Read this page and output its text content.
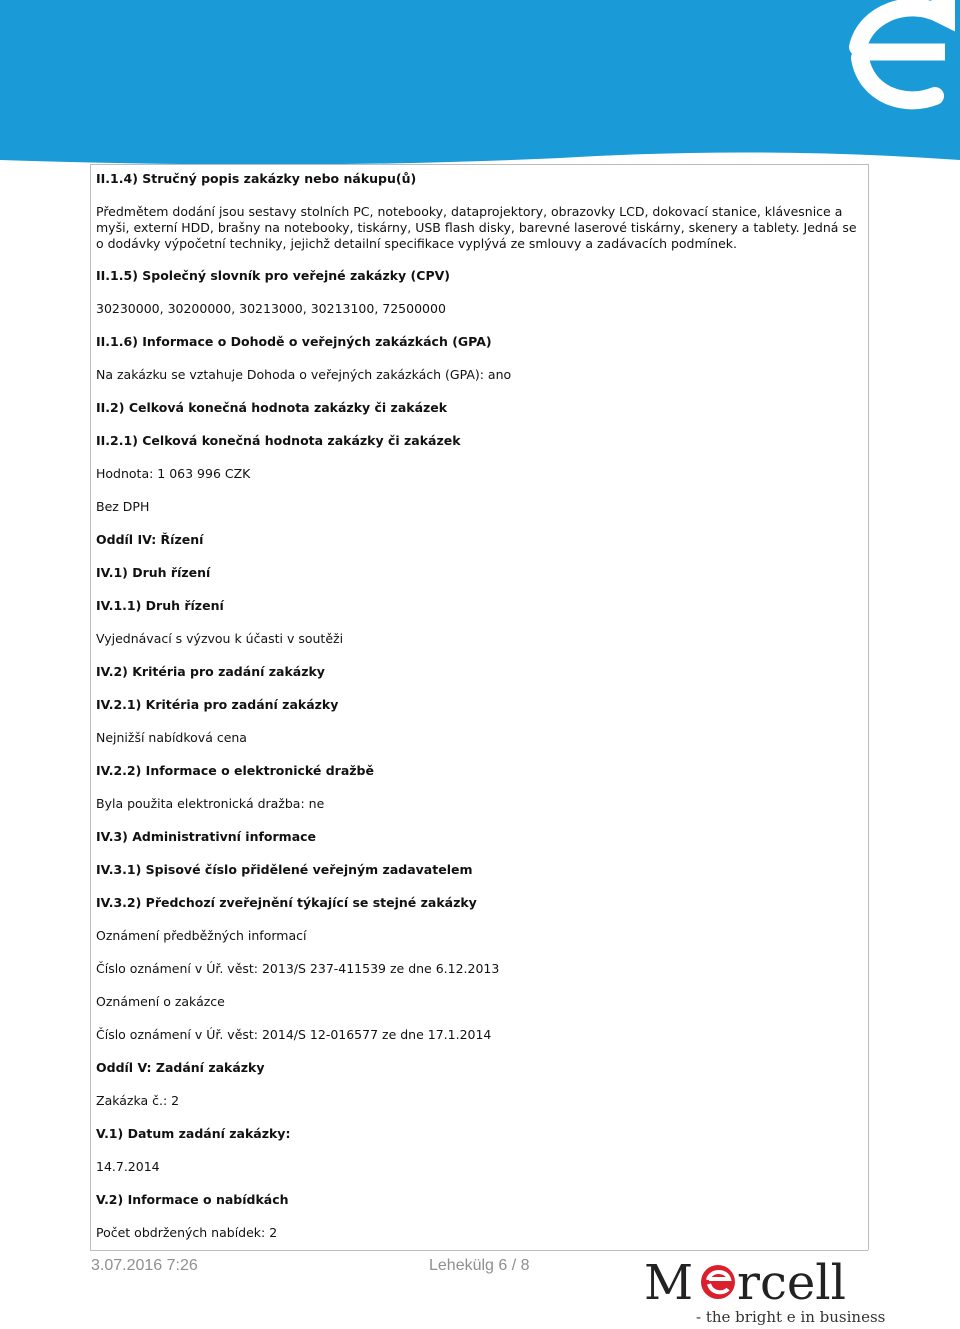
II.1.4) Stručný popis zakázky nebo nákupu(ů)
Předmětem dodání jsou sestavy stolních PC, notebooky, dataprojektory, obrazovky LCD, dokovací stanice, klávesnice a myši, externí HDD, brašny na notebooky, tiskárny, USB flash disky, barevné laserové tiskárny, skenery a tablety. Jedná se o dodávky výpočetní techniky, jejichž detailní specifikace vyplývá ze smlouvy a zadávacích podmínek.
II.1.5) Společný slovník pro veřejné zakázky (CPV)
30230000, 30200000, 30213000, 30213100, 72500000
II.1.6) Informace o Dohodě o veřejných zakázkách (GPA)
Na zakázku se vztahuje Dohoda o veřejných zakázkách (GPA): ano
II.2) Celková konečná hodnota zakázky či zakázek
II.2.1) Celková konečná hodnota zakázky či zakázek
Hodnota: 1 063 996 CZK
Bez DPH
Oddíl IV: Řízení
IV.1) Druh řízení
IV.1.1) Druh řízení
Vyjednávací s výzvou k účasti v soutěži
IV.2) Kritéria pro zadání zakázky
IV.2.1) Kritéria pro zadání zakázky
Nejnižší nabídková cena
IV.2.2) Informace o elektronické dražbě
Byla použita elektronická dražba: ne
IV.3) Administrativní informace
IV.3.1) Spisové číslo přidělené veřejným zadavatelem
IV.3.2) Předchozí zveřejnění týkající se stejné zakázky
Oznámení předběžných informací
Číslo oznámení v Úř. věst: 2013/S 237-411539 ze dne 6.12.2013
Oznámení o zakázce
Číslo oznámení v Úř. věst: 2014/S 12-016577 ze dne 17.1.2014
Oddíl V: Zadání zakázky
Zakázka č.: 2
V.1) Datum zadání zakázky:
14.7.2014
V.2) Informace o nabídkách
Počet obdržených nabídek: 2
3.07.2016 7:26	Lehekülg 6 / 8 M rcell
- the bright e in business
